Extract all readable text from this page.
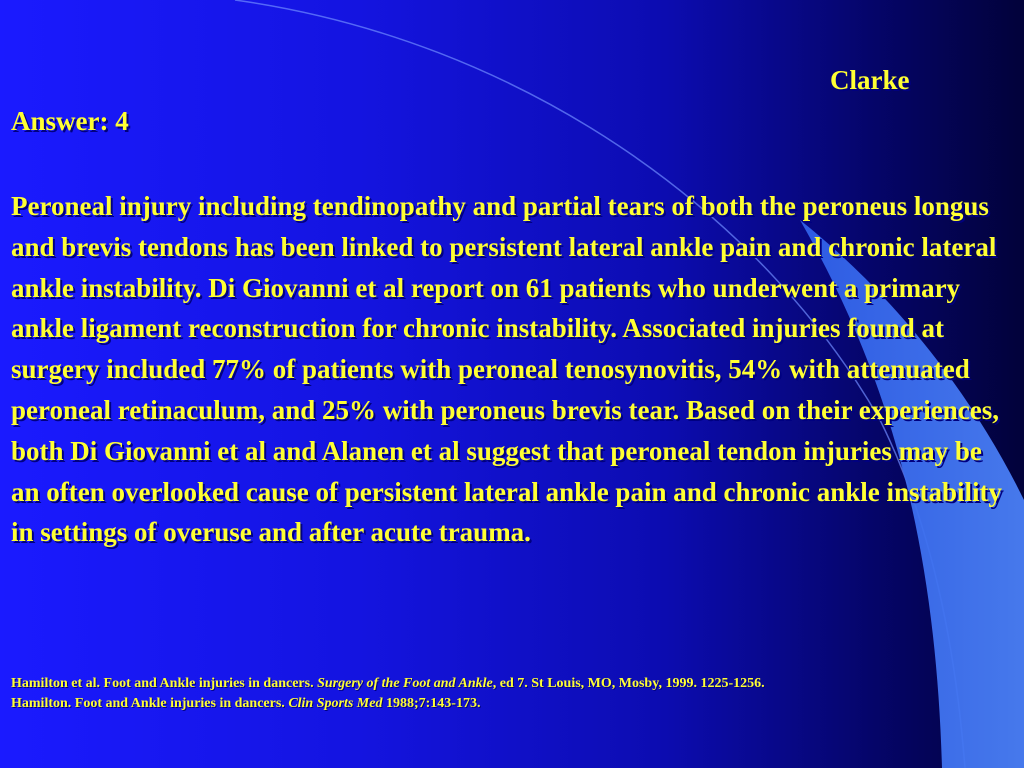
Clarke
Answer: 4

Peroneal injury including tendinopathy and partial tears of both the peroneus longus and brevis tendons has been linked to persistent lateral ankle pain and chronic lateral ankle instability. Di Giovanni et al report on 61 patients who underwent a primary ankle ligament reconstruction for chronic instability. Associated injuries found at surgery included 77% of patients with peroneal tenosynovitis, 54% with attenuated peroneal retinaculum, and 25% with peroneus brevis tear. Based on their experiences, both Di Giovanni et al and Alanen et al suggest that peroneal tendon injuries may be an often overlooked cause of persistent lateral ankle pain and chronic ankle instability in settings of overuse and after acute trauma.

Hamilton et al. Foot and Ankle injuries in dancers. Surgery of the Foot and Ankle, ed 7. St Louis, MO, Mosby, 1999. 1225-1256.
Hamilton. Foot and Ankle injuries in dancers. Clin Sports Med 1988;7:143-173.
